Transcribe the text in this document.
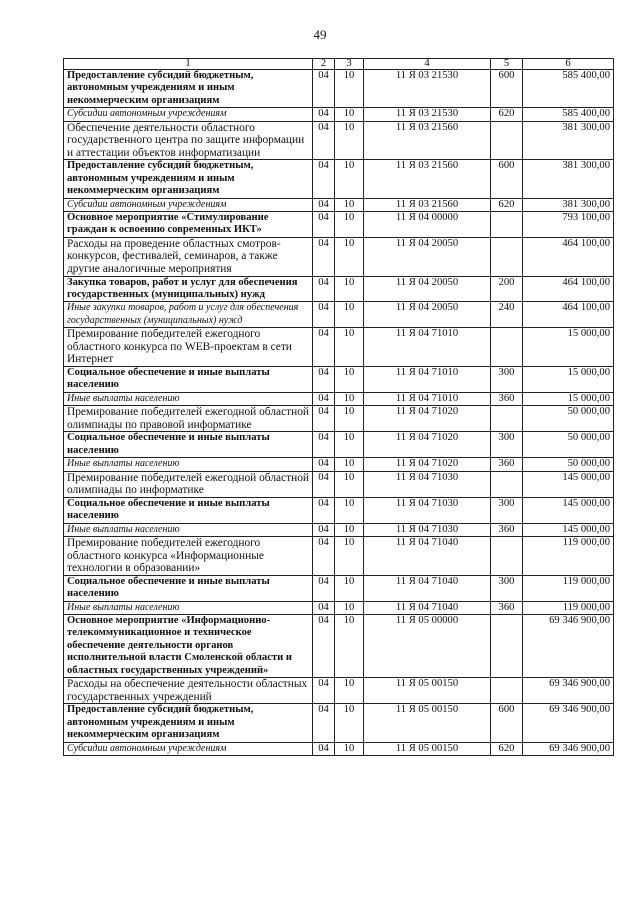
49
1	2	3	4	5	6
Предоставление субсидий бюджетным, автономным учреждениям и иным некоммерческим организациям	04	10	11 Я 03 21530	600	585 400,00
Субсидии автономным учреждениям	04	10	11 Я 03 21530	620	585 400,00
Обеспечение деятельности областного государственного центра по защите информации и аттестации объектов информатизации	04	10	11 Я 03 21560		381 300,00
Предоставление субсидий бюджетным, автономным учреждениям и иным некоммерческим организациям	04	10	11 Я 03 21560	600	381 300,00
Субсидии автономным учреждениям	04	10	11 Я 03 21560	620	381 300,00
Основное мероприятие «Стимулирование граждан к освоению современных ИКТ»	04	10	11 Я 04 00000		793 100,00
Расходы на проведение областных смотров-конкурсов, фестивалей, семинаров, а также другие аналогичные мероприятия	04	10	11 Я 04 20050		464 100,00
Закупка товаров, работ и услуг для обеспечения государственных (муниципальных) нужд	04	10	11 Я 04 20050	200	464 100,00
Иные закупки товаров, работ и услуг для обеспечения государственных (муниципальных) нужд	04	10	11 Я 04 20050	240	464 100,00
Премирование победителей ежегодного областного конкурса по WEB-проектам в сети Интернет	04	10	11 Я 04 71010		15 000,00
Социальное обеспечение и иные выплаты населению	04	10	11 Я 04 71010	300	15 000,00
Иные выплаты населению	04	10	11 Я 04 71010	360	15 000,00
Премирование победителей ежегодной областной олимпиады по правовой информатике	04	10	11 Я 04 71020		50 000,00
Социальное обеспечение и иные выплаты населению	04	10	11 Я 04 71020	300	50 000,00
Иные выплаты населению	04	10	11 Я 04 71020	360	50 000,00
Премирование победителей ежегодной областной олимпиады по информатике	04	10	11 Я 04 71030		145 000,00
Социальное обеспечение и иные выплаты населению	04	10	11 Я 04 71030	300	145 000,00
Иные выплаты населению	04	10	11 Я 04 71030	360	145 000,00
Премирование победителей ежегодного областного конкурса «Информационные технологии в образовании»	04	10	11 Я 04 71040		119 000,00
Социальное обеспечение и иные выплаты населению	04	10	11 Я 04 71040	300	119 000,00
Иные выплаты населению	04	10	11 Я 04 71040	360	119 000,00
Основное мероприятие «Информационно-телекоммуникационное и техническое обеспечение деятельности органов исполнительной власти Смоленской области и областных государственных учреждений»	04	10	11 Я 05 00000		69 346 900,00
Расходы на обеспечение деятельности областных государственных учреждений	04	10	11 Я 05 00150		69 346 900,00
Предоставление субсидий бюджетным, автономным учреждениям и иным некоммерческим организациям	04	10	11 Я 05 00150	600	69 346 900,00
Субсидии автономным учреждениям	04	10	11 Я 05 00150	620	69 346 900,00
